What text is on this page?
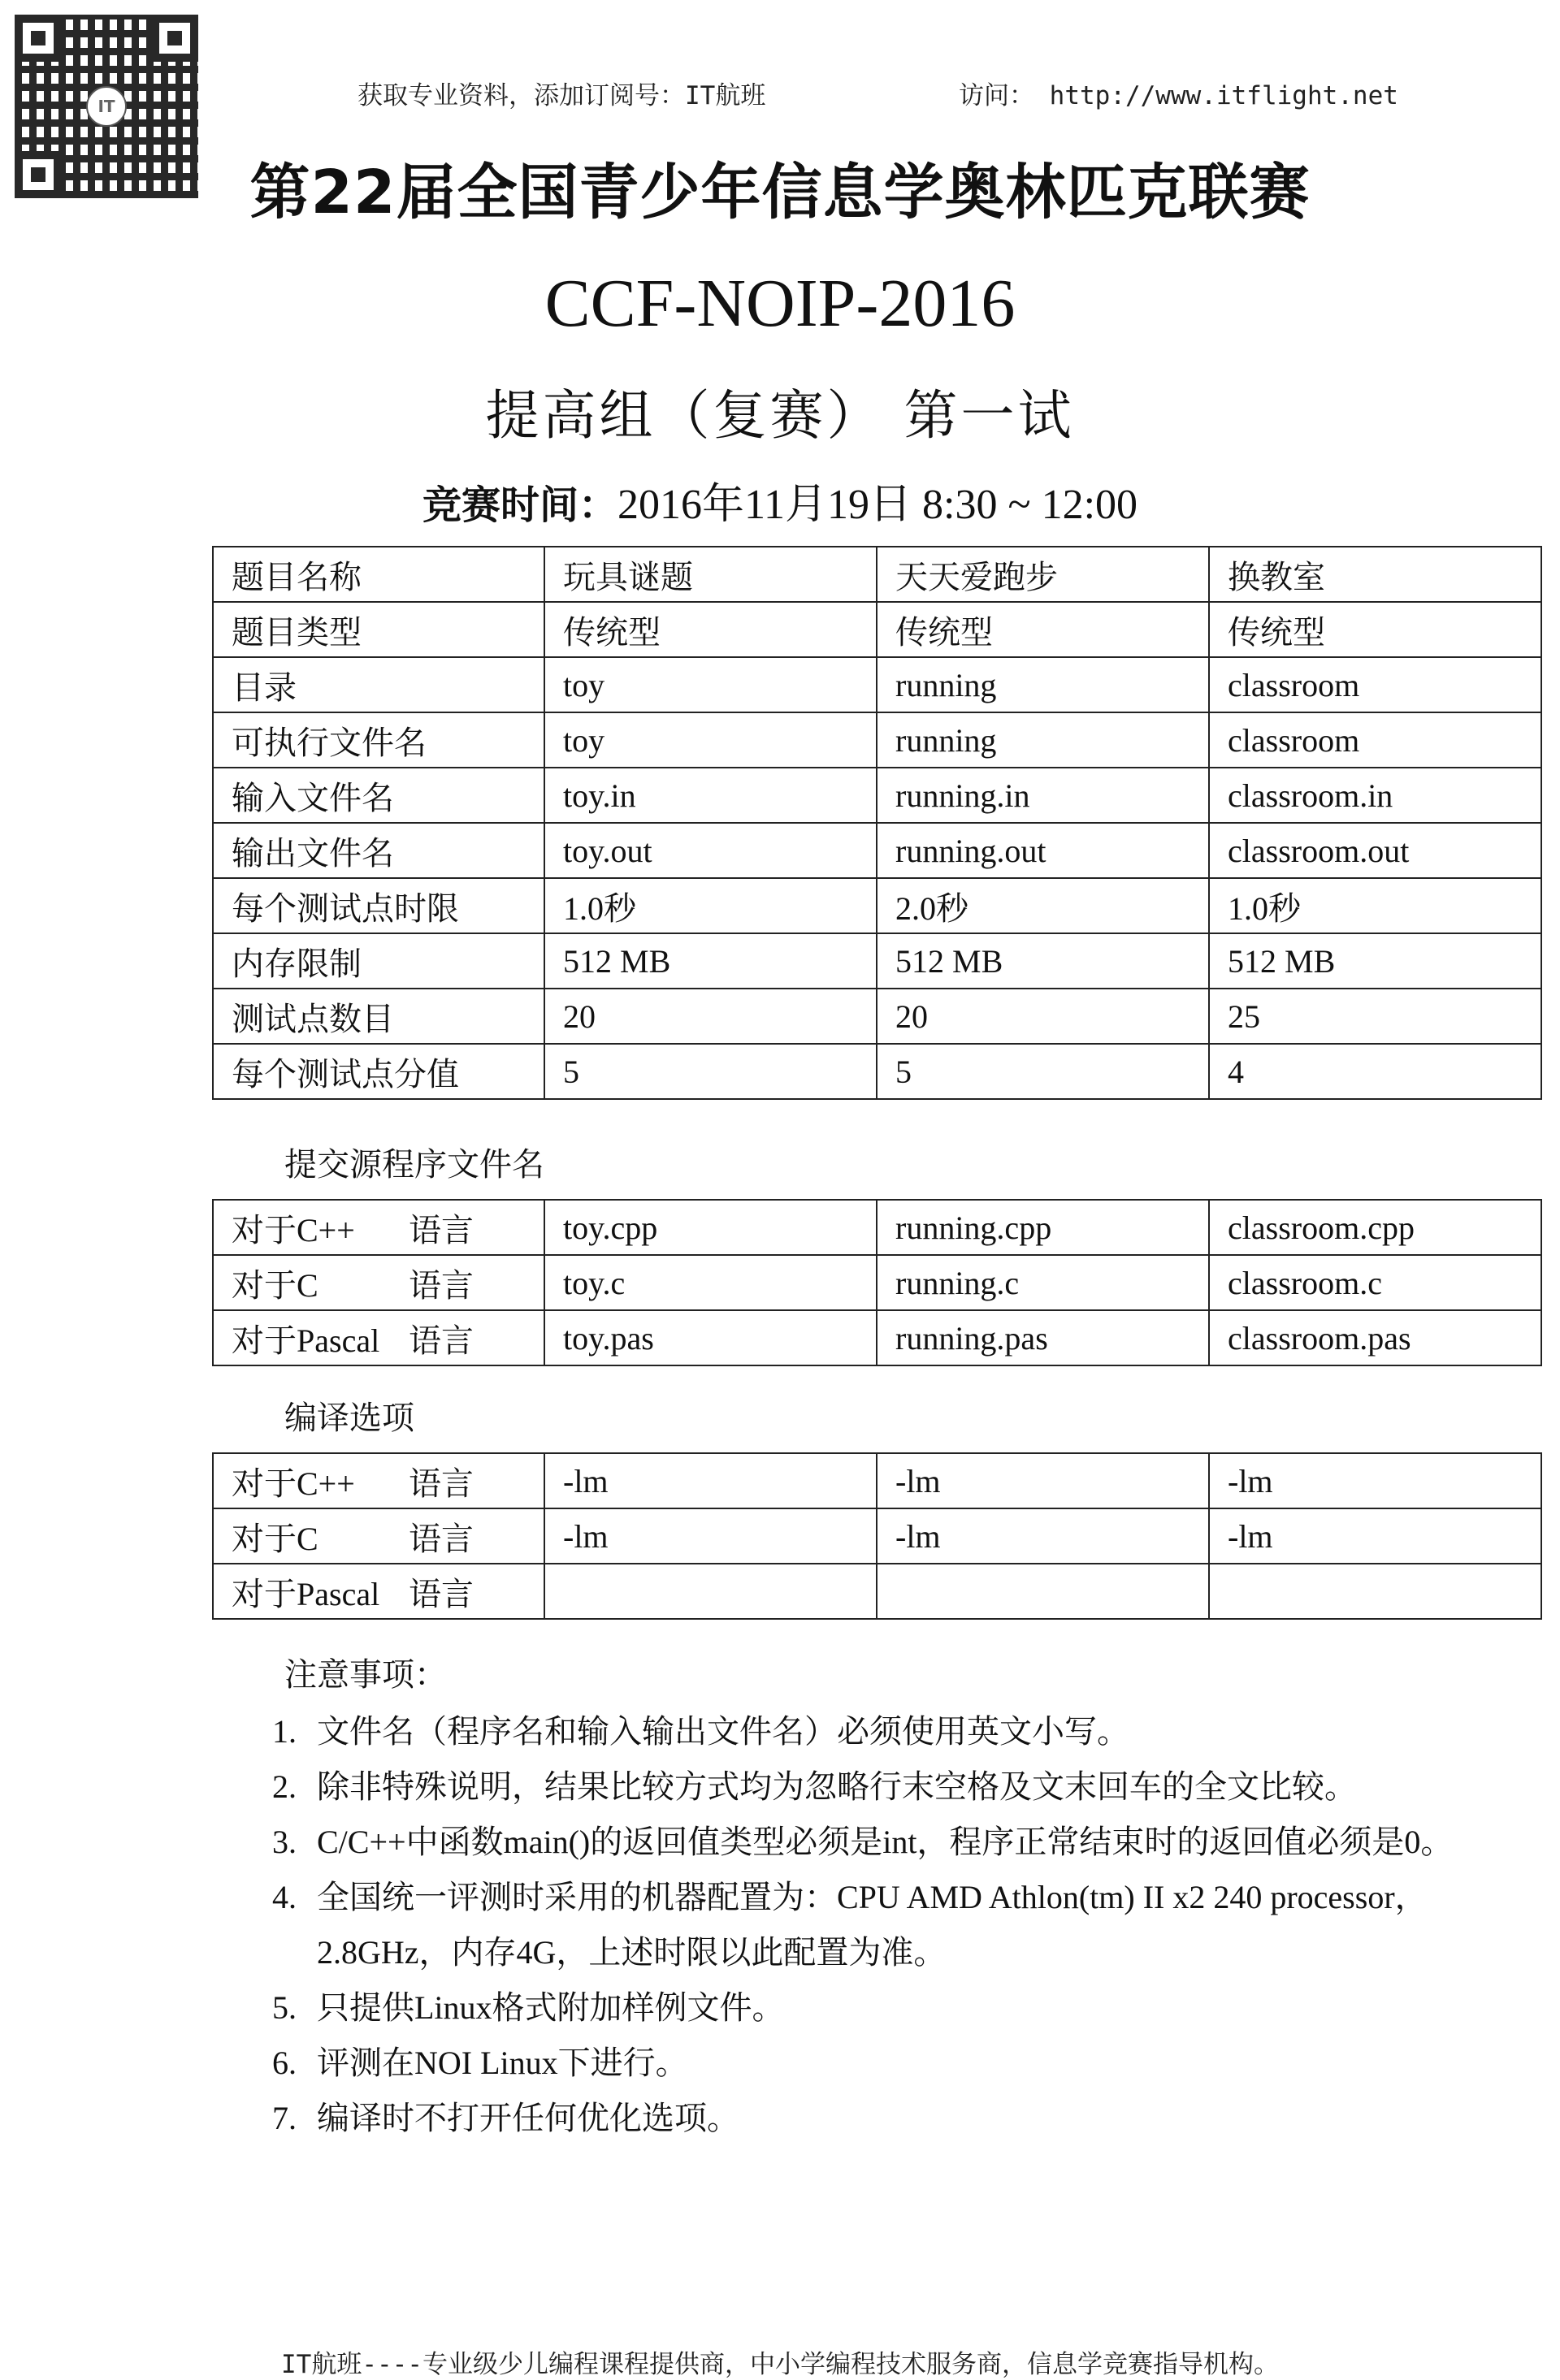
IT	获取专业资料，添加订阅号：IT航班	访问： http://www.itflight.net
第22届全国青少年信息学奥林匹克联赛
CCF-NOIP-2016
提高组（复赛） 第一试
竞赛时间：2016年11月19日 8:30 ~ 12:00
题目名称	玩具谜题	天天爱跑步	换教室
题目类型	传统型	传统型	传统型
目录	toy	running	classroom
可执行文件名	toy	running	classroom
输入文件名	toy.in	running.in	classroom.in
输出文件名	toy.out	running.out	classroom.out
每个测试点时限	1.0秒	2.0秒	1.0秒
内存限制	512 MB	512 MB	512 MB
测试点数目	20	20	25
每个测试点分值	5	5	4
提交源程序文件名
对于C++ 语言	toy.cpp	running.cpp	classroom.cpp
对于C 语言	toy.c	running.c	classroom.c
对于Pascal 语言	toy.pas	running.pas	classroom.pas
编译选项
对于C++ 语言	-lm	-lm	-lm
对于C 语言	-lm	-lm	-lm
对于Pascal 语言			
注意事项：
1. 文件名（程序名和输入输出文件名）必须使用英文小写。
2. 除非特殊说明，结果比较方式均为忽略行末空格及文末回车的全文比较。
3. C/C++中函数main()的返回值类型必须是int，程序正常结束时的返回值必须是0。
4. 全国统一评测时采用的机器配置为：CPU AMD Athlon(tm) II x2 240 processor，2.8GHz，内存4G，上述时限以此配置为准。
5. 只提供Linux格式附加样例文件。
6. 评测在NOI Linux下进行。
7. 编译时不打开任何优化选项。
IT航班----专业级少儿编程课程提供商，中小学编程技术服务商，信息学竞赛指导机构。
